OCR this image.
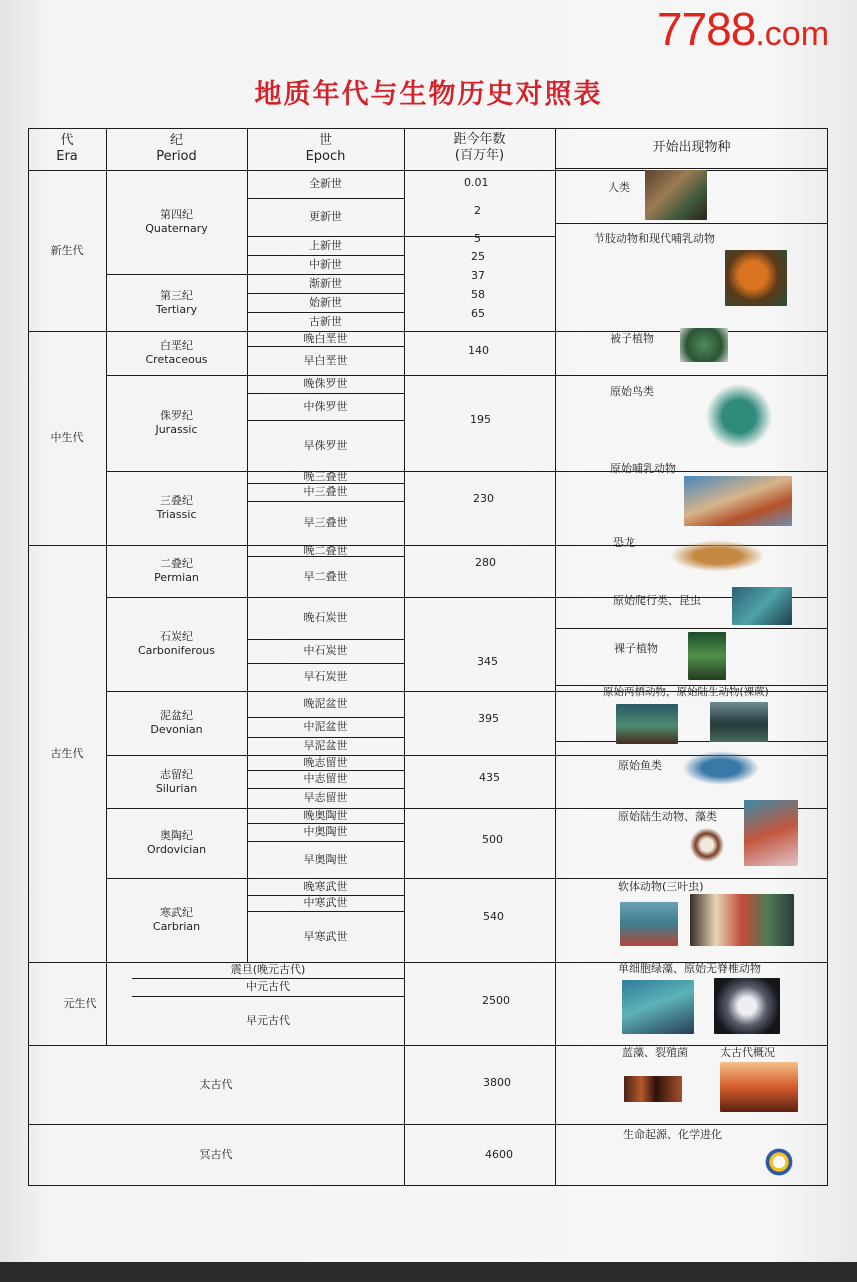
7788.com
地质年代与生物历史对照表
代
Era
纪
Period
世
Epoch
距今年数
(百万年)
开始出现物种
新生代
中生代
古生代
元生代
太古代
冥古代
第四纪
Quaternary
第三纪
Tertiary
白垩纪
Cretaceous
侏罗纪
Jurassic
三叠纪
Triassic
二叠纪
Permian
石炭纪
Carboniferous
泥盆纪
Devonian
志留纪
Silurian
奥陶纪
Ordovician
寒武纪
Carbrian
全新世
更新世
上新世
中新世
渐新世
始新世
古新世
晚白垩世
早白垩世
晚侏罗世
中侏罗世
早侏罗世
晚三叠世
中三叠世
早三叠世
晚二叠世
早二叠世
晚石炭世
中石炭世
早石炭世
晚泥盆世
中泥盆世
早泥盆世
晚志留世
中志留世
早志留世
晚奥陶世
中奥陶世
早奥陶世
晚寒武世
中寒武世
早寒武世
震旦(晚元古代)
中元古代
早元古代
0.01
2
5
25
37
58
65
140
195
230
280
345
395
435
500
540
2500
3800
4600
人类
节肢动物和现代哺乳动物
被子植物
原始鸟类
原始哺乳动物
恐龙
原始爬行类、昆虫
裸子植物
原始两栖动物，原始陆生动物(裸蕨)
原始鱼类
原始陆生动物、藻类
软体动物(三叶虫)
单细胞绿藻、原始无脊椎动物
蓝藻、裂殖菌	太古代概况
生命起源、化学进化
